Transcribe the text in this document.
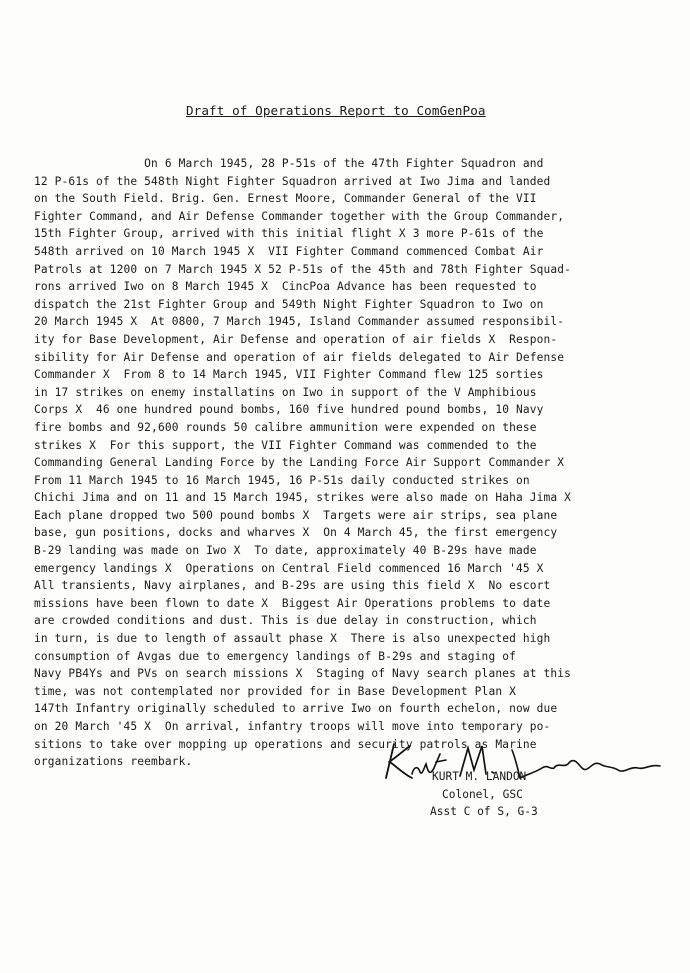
Draft of Operations Report to ComGenPoa
On 6 March 1945, 28 P-51s of the 47th Fighter Squadron and
12 P-61s of the 548th Night Fighter Squadron arrived at Iwo Jima and landed
on the South Field. Brig. Gen. Ernest Moore, Commander General of the VII
Fighter Command, and Air Defense Commander together with the Group Commander,
15th Fighter Group, arrived with this initial flight X 3 more P-61s of the
548th arrived on 10 March 1945 X  VII Fighter Command commenced Combat Air
Patrols at 1200 on 7 March 1945 X 52 P-51s of the 45th and 78th Fighter Squad-
rons arrived Iwo on 8 March 1945 X  CincPoa Advance has been requested to
dispatch the 21st Fighter Group and 549th Night Fighter Squadron to Iwo on
20 March 1945 X  At 0800, 7 March 1945, Island Commander assumed responsibil-
ity for Base Development, Air Defense and operation of air fields X  Respon-
sibility for Air Defense and operation of air fields delegated to Air Defense
Commander X  From 8 to 14 March 1945, VII Fighter Command flew 125 sorties
in 17 strikes on enemy installatins on Iwo in support of the V Amphibious
Corps X  46 one hundred pound bombs, 160 five hundred pound bombs, 10 Navy
fire bombs and 92,600 rounds 50 calibre ammunition were expended on these
strikes X  For this support, the VII Fighter Command was commended to the
Commanding General Landing Force by the Landing Force Air Support Commander X
From 11 March 1945 to 16 March 1945, 16 P-51s daily conducted strikes on
Chichi Jima and on 11 and 15 March 1945, strikes were also made on Haha Jima X
Each plane dropped two 500 pound bombs X  Targets were air strips, sea plane
base, gun positions, docks and wharves X  On 4 March 45, the first emergency
B-29 landing was made on Iwo X  To date, approximately 40 B-29s have made
emergency landings X  Operations on Central Field commenced 16 March '45 X
All transients, Navy airplanes, and B-29s are using this field X  No escort
missions have been flown to date X  Biggest Air Operations problems to date
are crowded conditions and dust. This is due delay in construction, which
in turn, is due to length of assault phase X  There is also unexpected high
consumption of Avgas due to emergency landings of B-29s and staging of
Navy PB4Ys and PVs on search missions X  Staging of Navy search planes at this
time, was not contemplated nor provided for in Base Development Plan X
147th Infantry originally scheduled to arrive Iwo on fourth echelon, now due
on 20 March '45 X  On arrival, infantry troops will move into temporary po-
sitions to take over mopping up operations and security patrols as Marine
organizations reembark.
KURT M. LANDON
Colonel, GSC
Asst C of S, G-3
